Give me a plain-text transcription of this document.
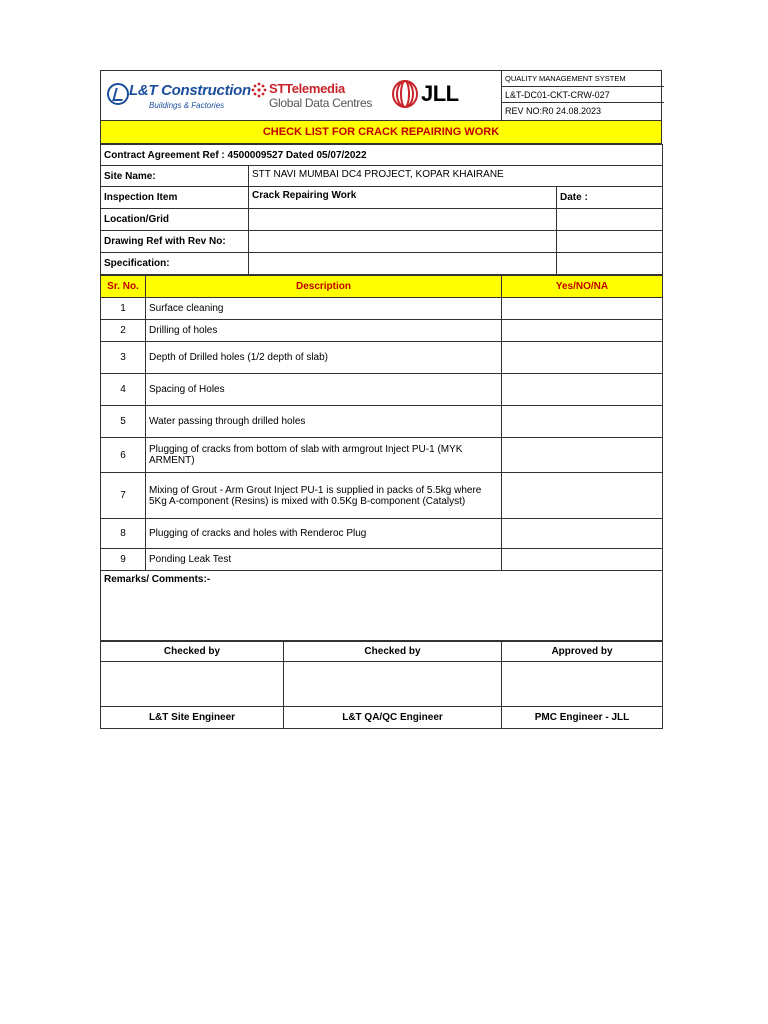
L&T Construction
Buildings & Factories
STTelemedia
Global Data Centres JLL
QUALITY MANAGEMENT SYSTEM
L&T-DC01-CKT-CRW-027
REV NO:R0 24.08.2023
CHECK LIST FOR CRACK REPAIRING WORK
Contract Agreement Ref : 4500009527 Dated 05/07/2022		
Site Name:	STT NAVI MUMBAI DC4 PROJECT, KOPAR KHAIRANE	
Inspection Item	Crack Repairing Work	Date :
Location/Grid		
Drawing Ref with Rev No:		
Specification:		
Sr. No.	Description	Yes/NO/NA
1	Surface cleaning	
2	Drilling of holes	
3	Depth of Drilled holes (1/2 depth of slab)	
4	Spacing of Holes	
5	Water passing through drilled holes	
6	Plugging of cracks from bottom of slab with armgrout Inject PU-1 (MYK ARMENT)	
7	Mixing of Grout - Arm Grout Inject PU-1 is supplied in packs of 5.5kg where 5Kg A-component (Resins) is mixed with 0.5Kg B-component (Catalyst)	
8	Plugging of cracks and holes with Renderoc Plug	
9	Ponding Leak Test	
Remarks/ Comments:-		
Checked by	Checked by	Approved by

L&T Site Engineer	L&T QA/QC Engineer	PMC Engineer - JLL
